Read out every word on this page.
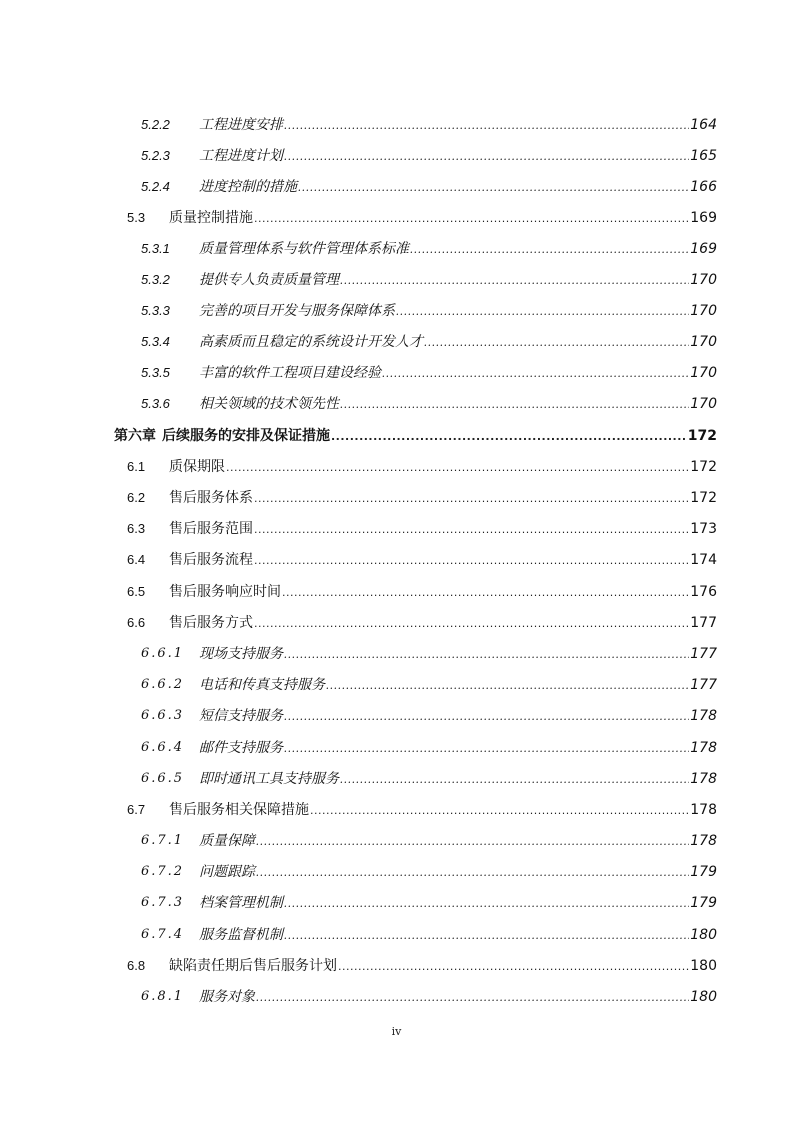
5.2.2	工程进度安排 .....	164
5.2.3	工程进度计划 .....	165
5.2.4	进度控制的措施 .....	166
5.3	质量控制措施 .....	169
5.3.1	质量管理体系与软件管理体系标准 .....	169
5.3.2	提供专人负责质量管理 .....	170
5.3.3	完善的项目开发与服务保障体系 .....	170
5.3.4	高素质而且稳定的系统设计开发人才 .....	170
5.3.5	丰富的软件工程项目建设经验 .....	170
5.3.6	相关领域的技术领先性 .....	170
第六章 后续服务的安排及保证措施 .....	172
6.1	质保期限 .....	172
6.2	售后服务体系 .....	172
6.3	售后服务范围 .....	173
6.4	售后服务流程 .....	174
6.5	售后服务响应时间 .....	176
6.6	售后服务方式 .....	177
6.6.1	现场支持服务 .....	177
6.6.2	电话和传真支持服务 .....	177
6.6.3	短信支持服务 .....	178
6.6.4	邮件支持服务 .....	178
6.6.5	即时通讯工具支持服务 .....	178
6.7	售后服务相关保障措施 .....	178
6.7.1	质量保障 .....	178
6.7.2	问题跟踪 .....	179
6.7.3	档案管理机制 .....	179
6.7.4	服务监督机制 .....	180
6.8	缺陷责任期后售后服务计划 .....	180
6.8.1	服务对象 .....	180
iv
